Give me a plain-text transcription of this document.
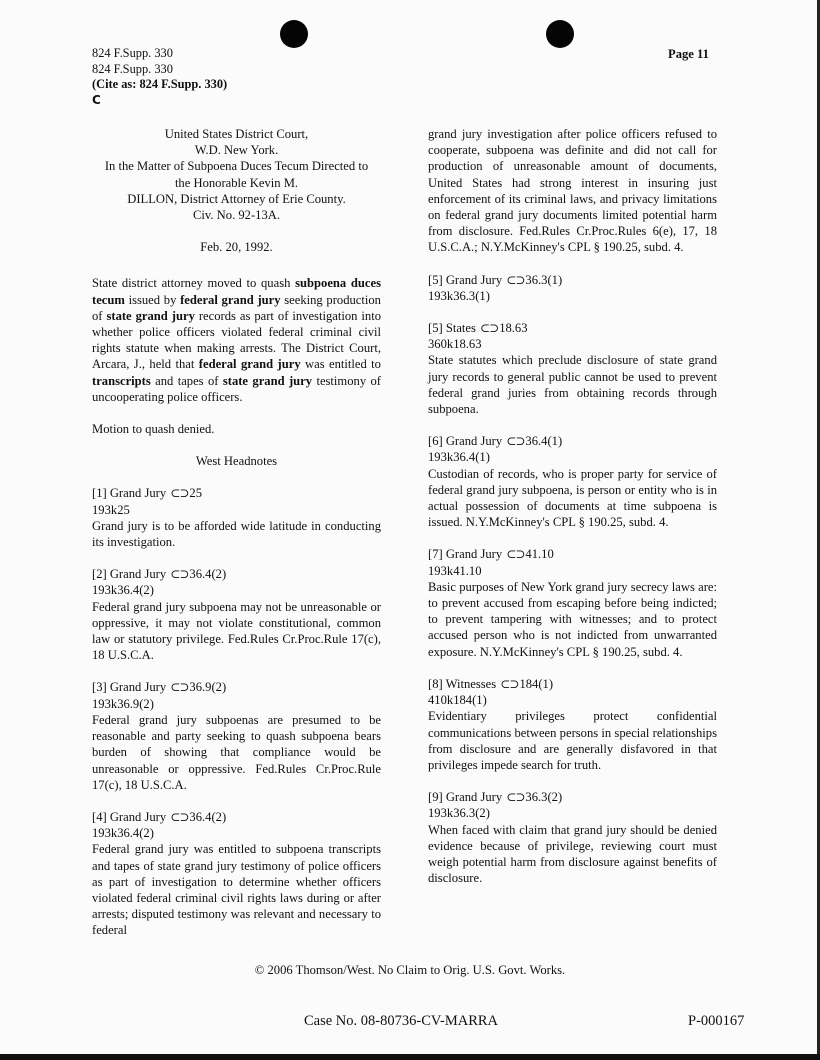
824 F.Supp. 330
824 F.Supp. 330
(Cite as: 824 F.Supp. 330)
C
Page 11
United States District Court,
W.D. New York.
In the Matter of Subpoena Duces Tecum Directed to
the Honorable Kevin M.
DILLON, District Attorney of Erie County.
Civ. No. 92-13A.
Feb. 20, 1992.

State district attorney moved to quash subpoena duces tecum issued by federal grand jury seeking production of state grand jury records as part of investigation into whether police officers violated federal criminal civil rights statute when making arrests. The District Court, Arcara, J., held that federal grand jury was entitled to transcripts and tapes of state grand jury testimony of uncooperating police officers.

Motion to quash denied.

West Headnotes

[1] Grand Jury ⊂⊃25
193k25

Grand jury is to be afforded wide latitude in conducting its investigation.

[2] Grand Jury ⊂⊃36.4(2)
193k36.4(2)

Federal grand jury subpoena may not be unreasonable or oppressive, it may not violate constitutional, common law or statutory privilege. Fed.Rules Cr.Proc.Rule 17(c), 18 U.S.C.A.

[3] Grand Jury ⊂⊃36.9(2)
193k36.9(2)

Federal grand jury subpoenas are presumed to be reasonable and party seeking to quash subpoena bears burden of showing that compliance would be unreasonable or oppressive. Fed.Rules Cr.Proc.Rule 17(c), 18 U.S.C.A.

[4] Grand Jury ⊂⊃36.4(2)
193k36.4(2)

Federal grand jury was entitled to subpoena transcripts and tapes of state grand jury testimony of police officers as part of investigation to determine whether officers violated federal criminal civil rights laws during or after arrests; disputed testimony was relevant and necessary to federal

grand jury investigation after police officers refused to cooperate, subpoena was definite and did not call for production of unreasonable amount of documents, United States had strong interest in insuring just enforcement of its criminal laws, and privacy limitations on federal grand jury documents limited potential harm from disclosure. Fed.Rules Cr.Proc.Rules 6(e), 17, 18 U.S.C.A.; N.Y.McKinney's CPL § 190.25, subd. 4.

[5] Grand Jury ⊂⊃36.3(1)
193k36.3(1)
[5] States ⊂⊃18.63
360k18.63

State statutes which preclude disclosure of state grand jury records to general public cannot be used to prevent federal grand juries from obtaining records through subpoena.

[6] Grand Jury ⊂⊃36.4(1)
193k36.4(1)

Custodian of records, who is proper party for service of federal grand jury subpoena, is person or entity who is in actual possession of documents at time subpoena is issued. N.Y.McKinney's CPL § 190.25, subd. 4.

[7] Grand Jury ⊂⊃41.10
193k41.10

Basic purposes of New York grand jury secrecy laws are: to prevent accused from escaping before being indicted; to prevent tampering with witnesses; and to protect accused person who is not indicted from unwarranted exposure. N.Y.McKinney's CPL § 190.25, subd. 4.

[8] Witnesses ⊂⊃184(1)
410k184(1)

Evidentiary privileges protect confidential communications between persons in special relationships from disclosure and are generally disfavored in that privileges impede search for truth.

[9] Grand Jury ⊂⊃36.3(2)
193k36.3(2)

When faced with claim that grand jury should be denied evidence because of privilege, reviewing court must weigh potential harm from disclosure against benefits of disclosure.

© 2006 Thomson/West. No Claim to Orig. U.S. Govt. Works.
Case No. 08-80736-CV-MARRA	P-000167
